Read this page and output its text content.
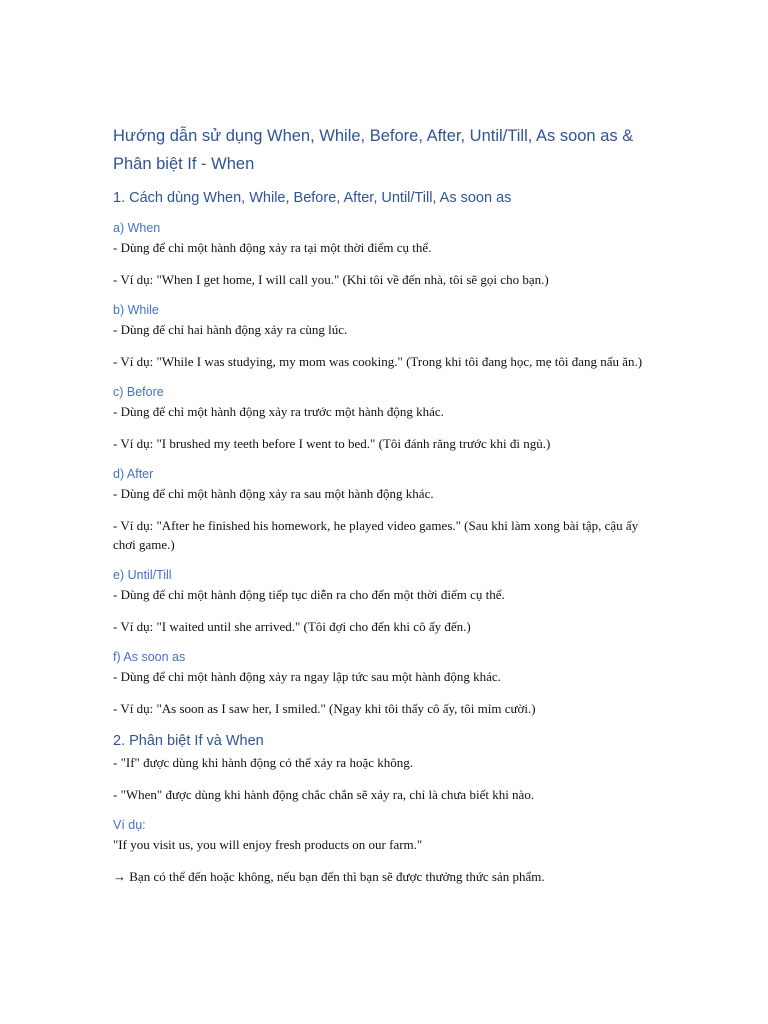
Hướng dẫn sử dụng When, While, Before, After, Until/Till, As soon as &
Phân biệt If - When
1. Cách dùng When, While, Before, After, Until/Till, As soon as
a) When
- Dùng để chỉ một hành động xảy ra tại một thời điểm cụ thể.
- Ví dụ: "When I get home, I will call you." (Khi tôi về đến nhà, tôi sẽ gọi cho bạn.)
b) While
- Dùng để chỉ hai hành động xảy ra cùng lúc.
- Ví dụ: "While I was studying, my mom was cooking." (Trong khi tôi đang học, mẹ tôi đang nấu ăn.)
c) Before
- Dùng để chỉ một hành động xảy ra trước một hành động khác.
- Ví dụ: "I brushed my teeth before I went to bed." (Tôi đánh răng trước khi đi ngủ.)
d) After
- Dùng để chỉ một hành động xảy ra sau một hành động khác.
- Ví dụ: "After he finished his homework, he played video games." (Sau khi làm xong bài tập, cậu ấy chơi game.)
e) Until/Till
- Dùng để chỉ một hành động tiếp tục diễn ra cho đến một thời điểm cụ thể.
- Ví dụ: "I waited until she arrived." (Tôi đợi cho đến khi cô ấy đến.)
f) As soon as
- Dùng để chỉ một hành động xảy ra ngay lập tức sau một hành động khác.
- Ví dụ: "As soon as I saw her, I smiled." (Ngay khi tôi thấy cô ấy, tôi mỉm cười.)
2. Phân biệt If và When
- "If" được dùng khi hành động có thể xảy ra hoặc không.
- "When" được dùng khi hành động chắc chắn sẽ xảy ra, chỉ là chưa biết khi nào.
Ví dụ:
"If you visit us, you will enjoy fresh products on our farm."
→ Bạn có thể đến hoặc không, nếu bạn đến thì bạn sẽ được thưởng thức sản phẩm.
